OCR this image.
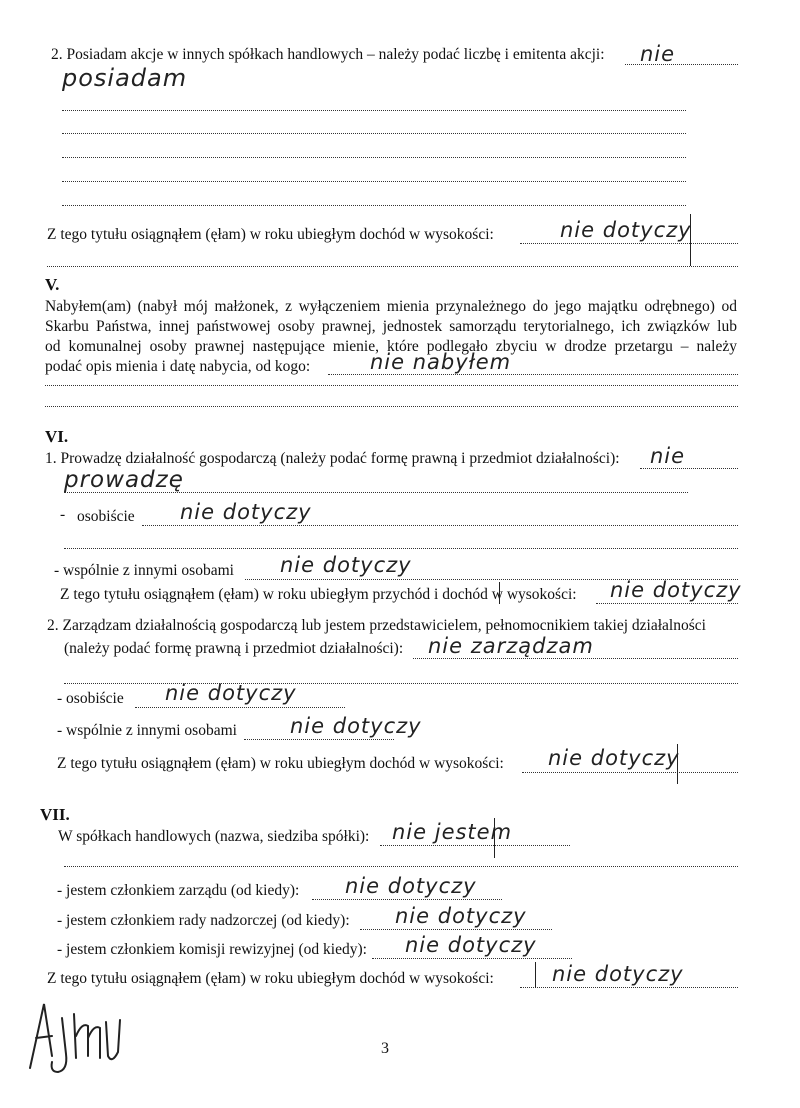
2. Posiadam akcje w innych spółkach handlowych – należy podać liczbę i emitenta akcji: nie
posiadam
Z tego tytułu osiągnąłem (ęłam) w roku ubiegłym dochód w wysokości:	nie dotyczy
V.
Nabyłem(am) (nabył mój małżonek, z wyłączeniem mienia przynależnego do jego majątku odrębnego) od
Skarbu Państwa, innej państwowej osoby prawnej, jednostek samorządu terytorialnego, ich związków lub
od komunalnej osoby prawnej następujące mienie, które podlegało zbyciu w drodze przetargu – należy
podać opis mienia i datę nabycia, od kogo:	nie nabyłem
VI.
1. Prowadzę działalność gospodarczą (należy podać formę prawną i przedmiot działalności): nie
prowadzę
- osobiście nie dotyczy
- wspólnie z innymi osobami nie dotyczy
Z tego tytułu osiągnąłem (ęłam) w roku ubiegłym przychód i dochód w wysokości: nie dotyczy
2. Zarządzam działalnością gospodarczą lub jestem przedstawicielem, pełnomocnikiem takiej działalności
(należy podać formę prawną i przedmiot działalności): nie zarządzam
- osobiście nie dotyczy
- wspólnie z innymi osobami	nie dotyczy
Z tego tytułu osiągnąłem (ęłam) w roku ubiegłym dochód w wysokości: nie dotyczy
VII.
W spółkach handlowych (nazwa, siedziba spółki): nie jestem
- jestem członkiem zarządu (od kiedy): nie dotyczy
- jestem członkiem rady nadzorczej (od kiedy): nie dotyczy
- jestem członkiem komisji rewizyjnej (od kiedy): nie dotyczy
Z tego tytułu osiągnąłem (ęłam) w roku ubiegłym dochód w wysokości:	nie dotyczy
3
